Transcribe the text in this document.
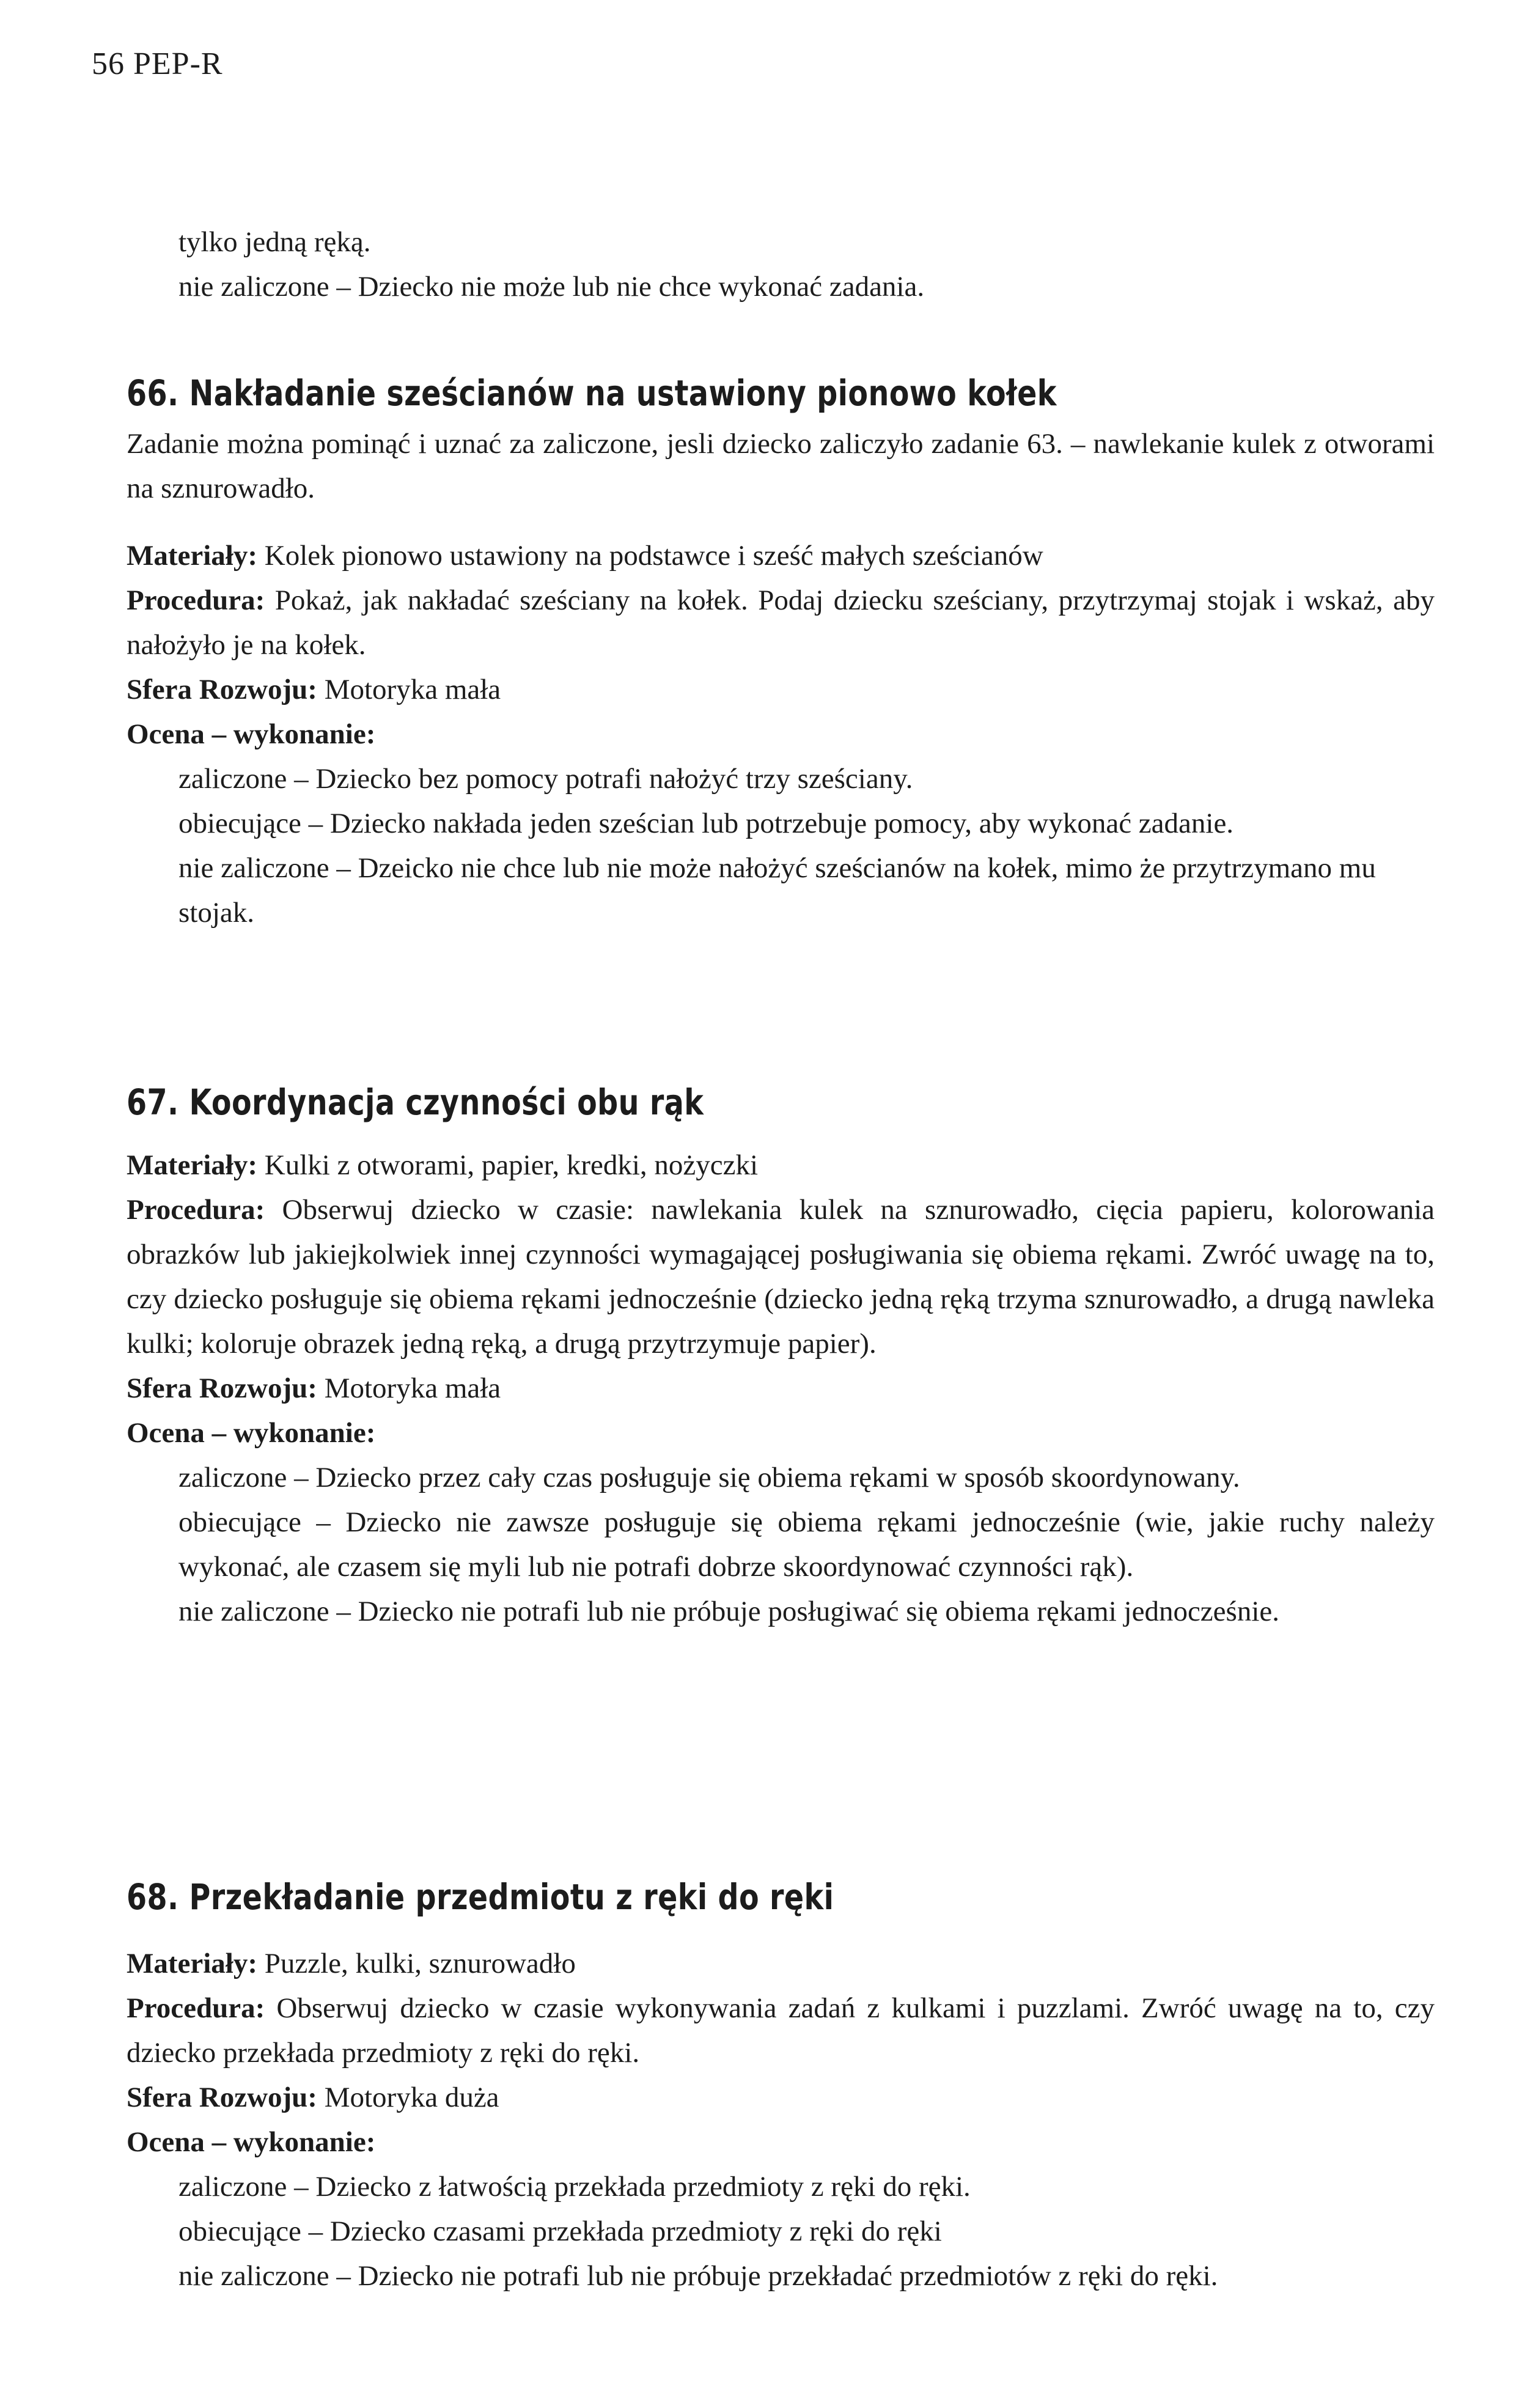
56 PEP-R
tylko jedną ręką.
nie zaliczone – Dziecko nie może lub nie chce wykonać zadania.
66. Nakładanie sześcianów na ustawiony pionowo kołek

Zadanie można pominąć i uznać za zaliczone, jesli dziecko zaliczyło zadanie 63. – nawlekanie kulek z otworami na sznurowadło.

Materiały: Kolek pionowo ustawiony na podstawce i sześć małych sześcianów

Procedura: Pokaż, jak nakładać sześciany na kołek. Podaj dziecku sześciany, przytrzymaj stojak i wskaż, aby nałożyło je na kołek.

Sfera Rozwoju: Motoryka mała

Ocena – wykonanie:

zaliczone – Dziecko bez pomocy potrafi nałożyć trzy sześciany.

obiecujące – Dziecko nakłada jeden sześcian lub potrzebuje pomocy, aby wykonać zadanie.

nie zaliczone – Dzeicko nie chce lub nie może nałożyć sześcianów na kołek, mimo że przytrzymano mu stojak.

67. Koordynacja czynności obu rąk

Materiały: Kulki z otworami, papier, kredki, nożyczki

Procedura: Obserwuj dziecko w czasie: nawlekania kulek na sznurowadło, cięcia papieru, kolorowania obrazków lub jakiejkolwiek innej czynności wymagającej posługiwania się obiema rękami. Zwróć uwagę na to, czy dziecko posługuje się obiema rękami jednocześnie (dziecko jedną ręką trzyma sznurowadło, a drugą nawleka kulki; koloruje obrazek jedną ręką, a drugą przytrzymuje papier).

Sfera Rozwoju: Motoryka mała

Ocena – wykonanie:

zaliczone – Dziecko przez cały czas posługuje się obiema rękami w sposób skoordynowany.

obiecujące – Dziecko nie zawsze posługuje się obiema rękami jednocześnie (wie, jakie ruchy należy wykonać, ale czasem się myli lub nie potrafi dobrze skoordynować czynności rąk).

nie zaliczone – Dziecko nie potrafi lub nie próbuje posługiwać się obiema rękami jednocześnie.

68. Przekładanie przedmiotu z ręki do ręki

Materiały: Puzzle, kulki, sznurowadło

Procedura: Obserwuj dziecko w czasie wykonywania zadań z kulkami i puzzlami. Zwróć uwagę na to, czy dziecko przekłada przedmioty z ręki do ręki.

Sfera Rozwoju: Motoryka duża

Ocena – wykonanie:

zaliczone – Dziecko z łatwością przekłada przedmioty z ręki do ręki.

obiecujące – Dziecko czasami przekłada przedmioty z ręki do ręki

nie zaliczone – Dziecko nie potrafi lub nie próbuje przekładać przedmiotów z ręki do ręki.
